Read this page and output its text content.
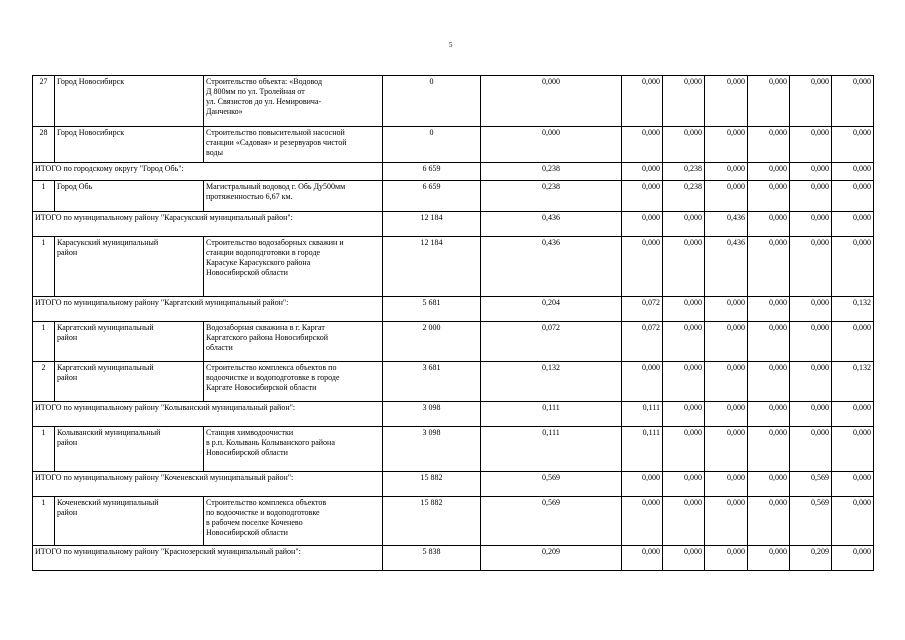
5
27	Город Новосибирск	Строительство объекта: «Водовод
Д 800мм по ул. Тролейная от
ул. Связистов до ул. Немировича-
Данченко»	0	0,000	0,000	0,000	0,000	0,000	0,000	0,000
28	Город Новосибирск	Строительство повысительной насосной
станции «Садовая» и резервуаров чистой
воды	0	0,000	0,000	0,000	0,000	0,000	0,000	0,000
ИТОГО по городскому округу "Город Обь":			6 659	0,238	0,000	0,238	0,000	0,000	0,000	0,000
1	Город Обь	Магистральный водовод г. Обь Ду500мм
протяженностью 6,67 км.	6 659	0,238	0,000	0,238	0,000	0,000	0,000	0,000
ИТОГО по муниципальному району "Карасукский муниципальный район":			12 184	0,436	0,000	0,000	0,436	0,000	0,000	0,000
1	Карасукский муниципальный
район	Строительство водозаборных скважин и
станции водоподготовки в городе
Карасуке Карасукского района
Новосибирской области	12 184	0,436	0,000	0,000	0,436	0,000	0,000	0,000
ИТОГО по муниципальному району "Каргатский муниципальный район":			5 681	0,204	0,072	0,000	0,000	0,000	0,000	0,132
1	Каргатский муниципальный
район	Водозаборная скважина в г. Каргат
Каргатского района Новосибирской
области	2 000	0,072	0,072	0,000	0,000	0,000	0,000	0,000
2	Каргатский муниципальный
район	Строительство комплекса объектов по
водоочистке и водоподготовке в городе
Каргате Новосибирской области	3 681	0,132	0,000	0,000	0,000	0,000	0,000	0,132
ИТОГО по муниципальному району "Колыванский муниципальный район":			3 098	0,111	0,111	0,000	0,000	0,000	0,000	0,000
1	Колыванский муниципальный
район	Станция химводоочистки
в р.п. Колывань Колыванского района
Новосибирской области	3 098	0,111	0,111	0,000	0,000	0,000	0,000	0,000
ИТОГО по муниципальному району "Коченевский муниципальный район":			15 882	0,569	0,000	0,000	0,000	0,000	0,569	0,000
1	Коченевский муниципальный
район	Строительство комплекса объектов
по водоочистке и водоподготовке
в рабочем поселке Коченево
Новосибирской области	15 882	0,569	0,000	0,000	0,000	0,000	0,569	0,000
ИТОГО по муниципальному району "Краснозерский муниципальный район":			5 838	0,209	0,000	0,000	0,000	0,000	0,209	0,000
